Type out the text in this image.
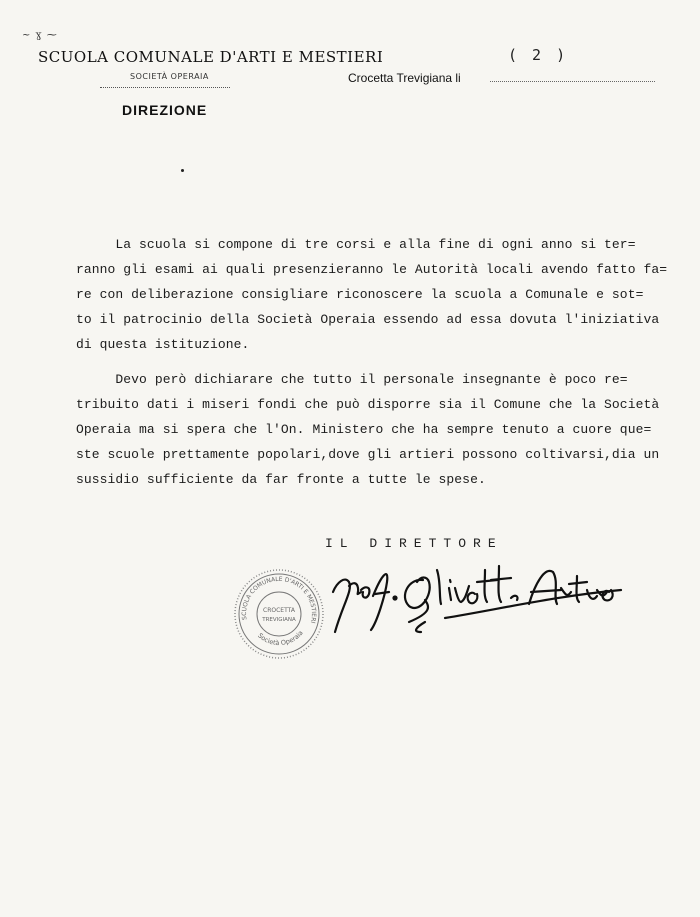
~ ɣ ⁓
SCUOLA COMUNALE D'ARTI E MESTIERI
SOCIETÀ OPERAIA
DIREZIONE
( 2 )
Crocetta Trevigiana li
La scuola si compone di tre corsi e alla fine di ogni anno si ter=
ranno gli esami ai quali presenzieranno le Autorità locali avendo fatto fa=
re con deliberazione consigliare riconoscere la scuola a Comunale e sot=
to il patrocinio della Società Operaia essendo ad essa dovuta l'iniziativa
di questa istituzione.
Devo però dichiarare che tutto il personale insegnante è poco re=
tribuito dati i miseri fondi che può disporre sia il Comune che la Società
Operaia ma si spera che l'On. Ministero che ha sempre tenuto a cuore que=
ste scuole prettamente popolari,dove gli artieri possono coltivarsi,dia un
sussidio sufficiente da far fronte a tutte le spese.
IL DIRETTORE
SCUOLA COMUNALE D'ARTI E MESTIERI
Società Operaia
CROCETTA
TREVIGIANA
